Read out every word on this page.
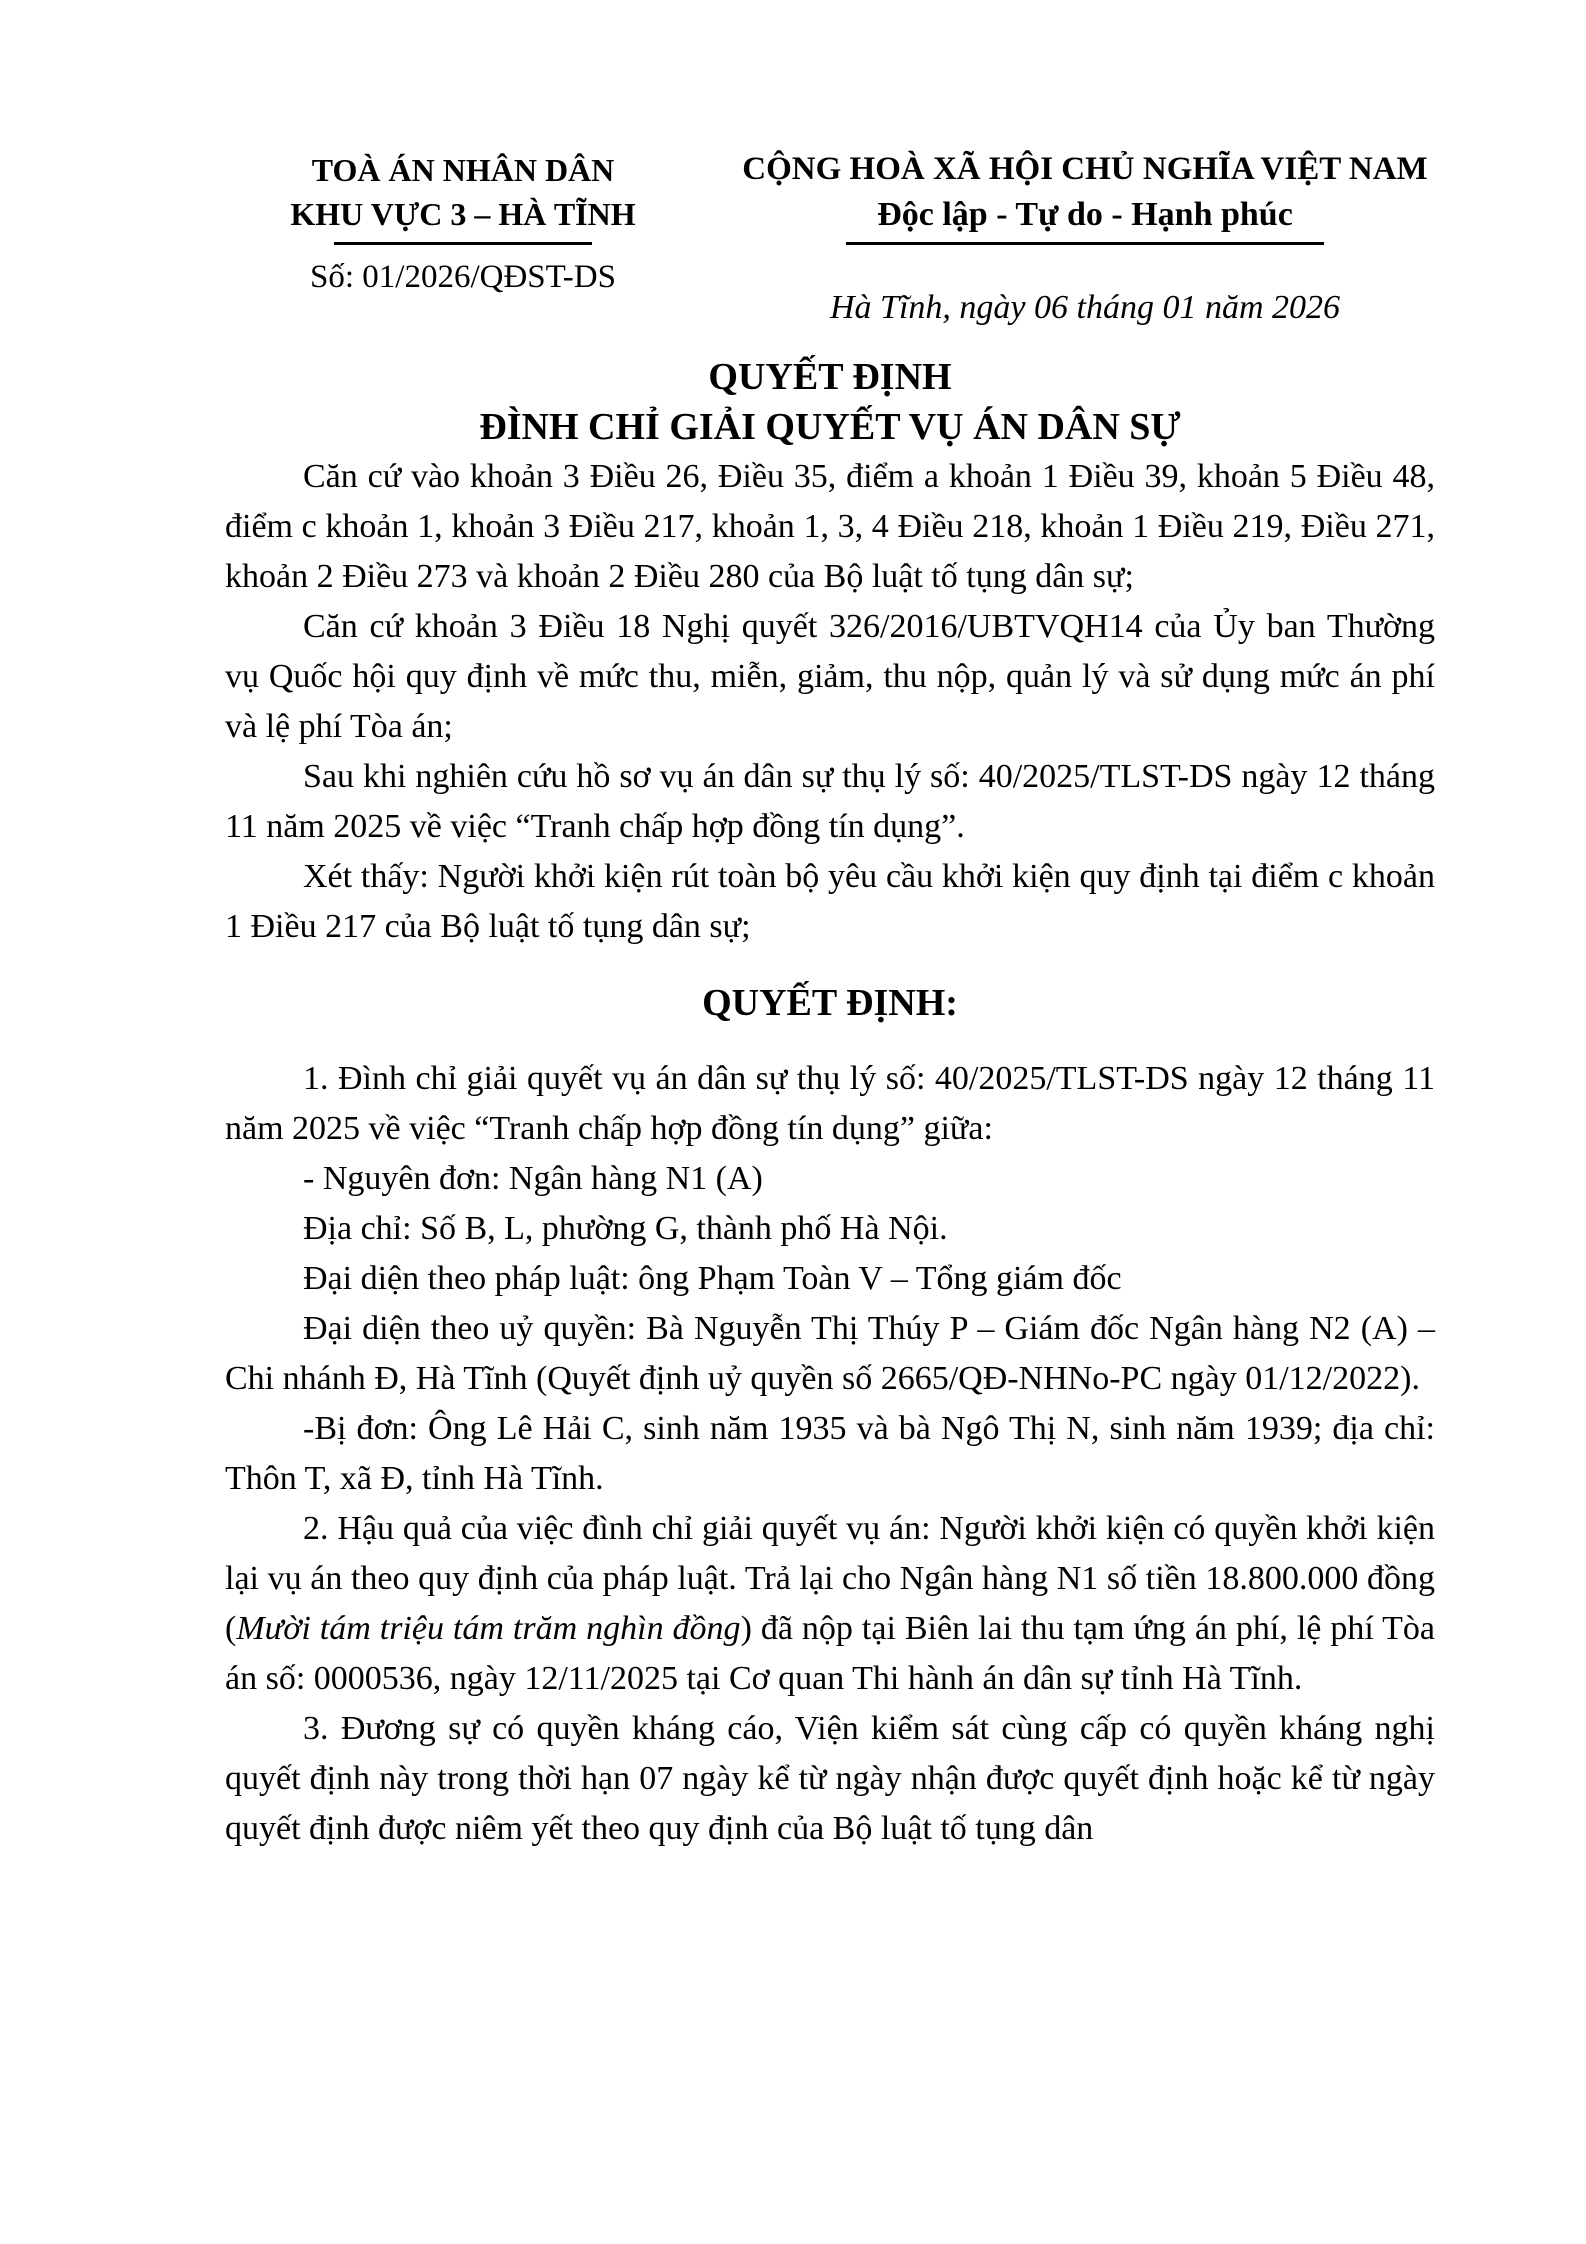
TOÀ ÁN NHÂN DÂN
KHU VỰC 3 – HÀ TĨNH
Số: 01/2026/QĐST-DS
CỘNG HOÀ XÃ HỘI CHỦ NGHĨA VIỆT NAM
Độc lập - Tự do - Hạnh phúc
Hà Tĩnh, ngày 06 tháng 01 năm 2026
QUYẾT ĐỊNH
ĐÌNH CHỈ GIẢI QUYẾT VỤ ÁN DÂN SỰ

Căn cứ vào khoản 3 Điều 26, Điều 35, điểm a khoản 1 Điều 39, khoản 5 Điều 48, điểm c khoản 1, khoản 3 Điều 217, khoản 1, 3, 4 Điều 218, khoản 1 Điều 219, Điều 271, khoản 2 Điều 273 và khoản 2 Điều 280 của Bộ luật tố tụng dân sự;

Căn cứ khoản 3 Điều 18 Nghị quyết 326/2016/UBTVQH14 của Ủy ban Thường vụ Quốc hội quy định về mức thu, miễn, giảm, thu nộp, quản lý và sử dụng mức án phí và lệ phí Tòa án;

Sau khi nghiên cứu hồ sơ vụ án dân sự thụ lý số: 40/2025/TLST-DS ngày 12 tháng 11 năm 2025 về việc “Tranh chấp hợp đồng tín dụng”.

Xét thấy: Người khởi kiện rút toàn bộ yêu cầu khởi kiện quy định tại điểm c khoản 1 Điều 217 của Bộ luật tố tụng dân sự;

QUYẾT ĐỊNH:

1. Đình chỉ giải quyết vụ án dân sự thụ lý số: 40/2025/TLST-DS ngày 12 tháng 11 năm 2025 về việc “Tranh chấp hợp đồng tín dụng” giữa:

- Nguyên đơn: Ngân hàng N1 (A)

Địa chỉ: Số B, L, phường G, thành phố Hà Nội.

Đại diện theo pháp luật: ông Phạm Toàn V – Tổng giám đốc

Đại diện theo uỷ quyền: Bà Nguyễn Thị Thúy P – Giám đốc Ngân hàng N2 (A) – Chi nhánh Đ, Hà Tĩnh (Quyết định uỷ quyền số 2665/QĐ-NHNo-PC ngày 01/12/2022).

-Bị đơn: Ông Lê Hải C, sinh năm 1935 và bà Ngô Thị N, sinh năm 1939; địa chỉ: Thôn T, xã Đ, tỉnh Hà Tĩnh.

2. Hậu quả của việc đình chỉ giải quyết vụ án: Người khởi kiện có quyền khởi kiện lại vụ án theo quy định của pháp luật. Trả lại cho Ngân hàng N1 số tiền 18.800.000 đồng (Mười tám triệu tám trăm nghìn đồng) đã nộp tại Biên lai thu tạm ứng án phí, lệ phí Tòa án số: 0000536, ngày 12/11/2025 tại Cơ quan Thi hành án dân sự tỉnh Hà Tĩnh.

3. Đương sự có quyền kháng cáo, Viện kiểm sát cùng cấp có quyền kháng nghị quyết định này trong thời hạn 07 ngày kể từ ngày nhận được quyết định hoặc kể từ ngày quyết định được niêm yết theo quy định của Bộ luật tố tụng dân
